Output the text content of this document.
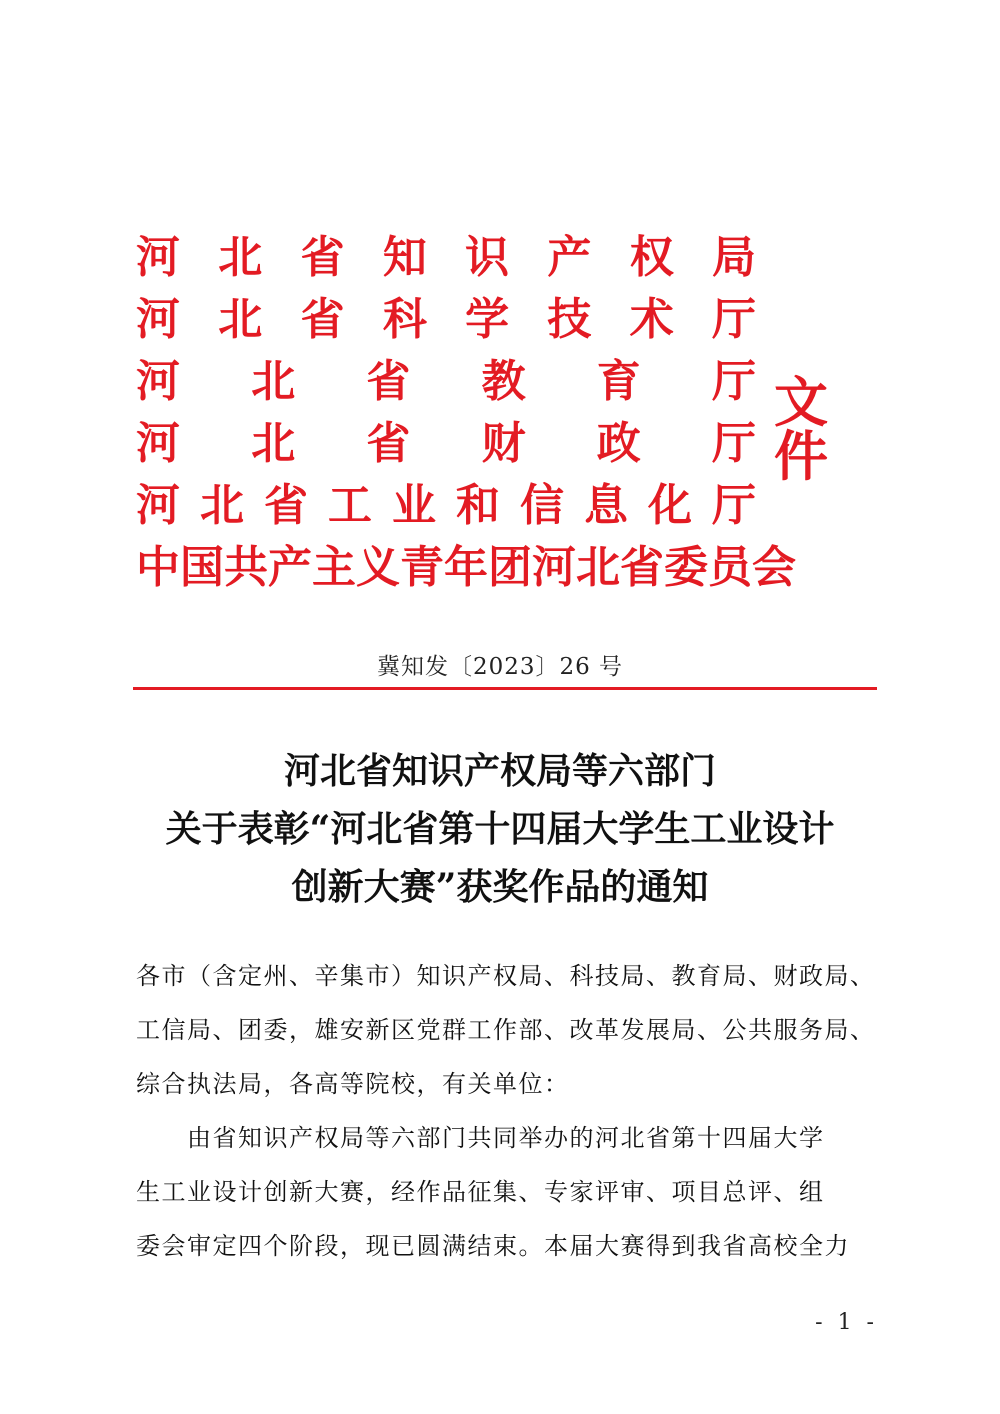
河 北 省 知 识 产 权 局
河 北 省 科 学 技 术 厅
河 北 省 教 育 厅
河 北 省 财 政 厅
河 北 省 工 业 和 信 息 化 厅
中 国 共 产 主 义 青 年 团 河 北 省 委 员 会
文件
冀知发〔2023〕26 号
河北省知识产权局等六部门
关于表彰“河北省第十四届大学生工业设计
创新大赛”获奖作品的通知
各市（含定州、辛集市）知识产权局、科技局、教育局、财政局、
工信局、团委，雄安新区党群工作部、改革发展局、公共服务局、
综合执法局，各高等院校，有关单位：
　　由省知识产权局等六部门共同举办的河北省第十四届大学
生工业设计创新大赛，经作品征集、专家评审、项目总评、组
委会审定四个阶段，现已圆满结束。本届大赛得到我省高校全力
- 1 -
